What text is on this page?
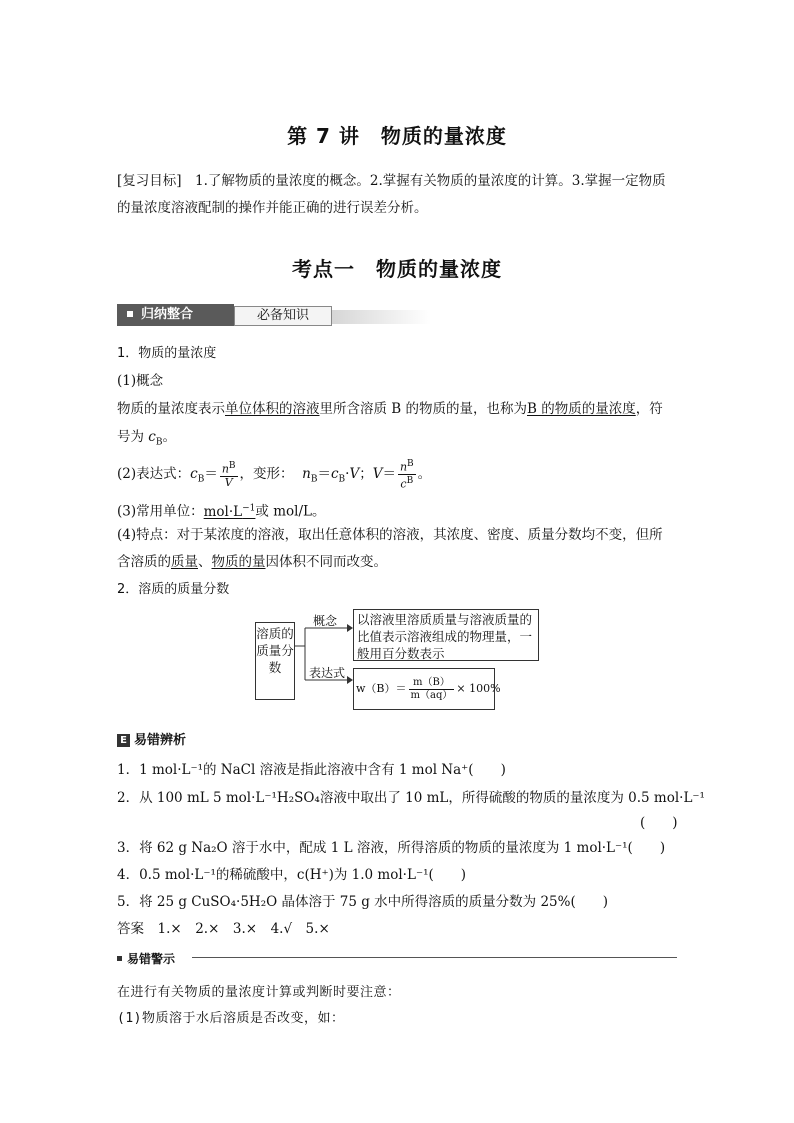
第 7 讲　物质的量浓度
[复习目标]　 1.了解物质的量浓度的概念。2.掌握有关物质的量浓度的计算。3.掌握一定物质的量浓度溶液配制的操作并能正确的进行误差分析。
考点一　物质的量浓度
归纳整合	必备知识
1．物质的量浓度
(1)概念
物质的量浓度表示单位体积的溶液里所含溶质 B 的物质的量，也称为B 的物质的量浓度，符
号为 $c_B$。
(2)表达式：$c_B= \frac{n^B}{V}$ ，变形： $n_B=c_B\cdot V$；$V= \frac{n^B}{c^B}$ 。
(3)常用单位：$mol\cdot L^{-1}$或 mol/L。
(4)特点：对于某浓度的溶液，取出任意体积的溶液，其浓度、密度、质量分数均不变，但所
含溶质的质量、物质的量因体积不同而改变。
2．溶质的质量分数
溶质的质量分数
概念
表达式
以溶液里溶质质量与溶液质量的比值表示溶液组成的物理量，一般用百分数表示
$w(B)= \frac{m(B)}{m(aq)} \times 100\%$
E 易错辨析
1．1 mol·L⁻¹的 NaCl 溶液是指此溶液中含有 1 mol Na⁺(　　)
2．从 100 mL 5 mol·L⁻¹H₂SO₄溶液中取出了 10 mL，所得硫酸的物质的量浓度为 0.5 mol·L⁻¹
(　　)
3．将 62 g Na₂O 溶于水中，配成 1 L 溶液，所得溶质的物质的量浓度为 1 mol·L⁻¹(　　)
4．0.5 mol·L⁻¹的稀硫酸中，c(H⁺)为 1.0 mol·L⁻¹(　　)
5．将 25 g CuSO₄·5H₂O 晶体溶于 75 g 水中所得溶质的质量分数为 25%(　　)
答案　1.×　2.×　3.×　4.√　5.×
易错警示
在进行有关物质的量浓度计算或判断时要注意：
(1)物质溶于水后溶质是否改变，如：
